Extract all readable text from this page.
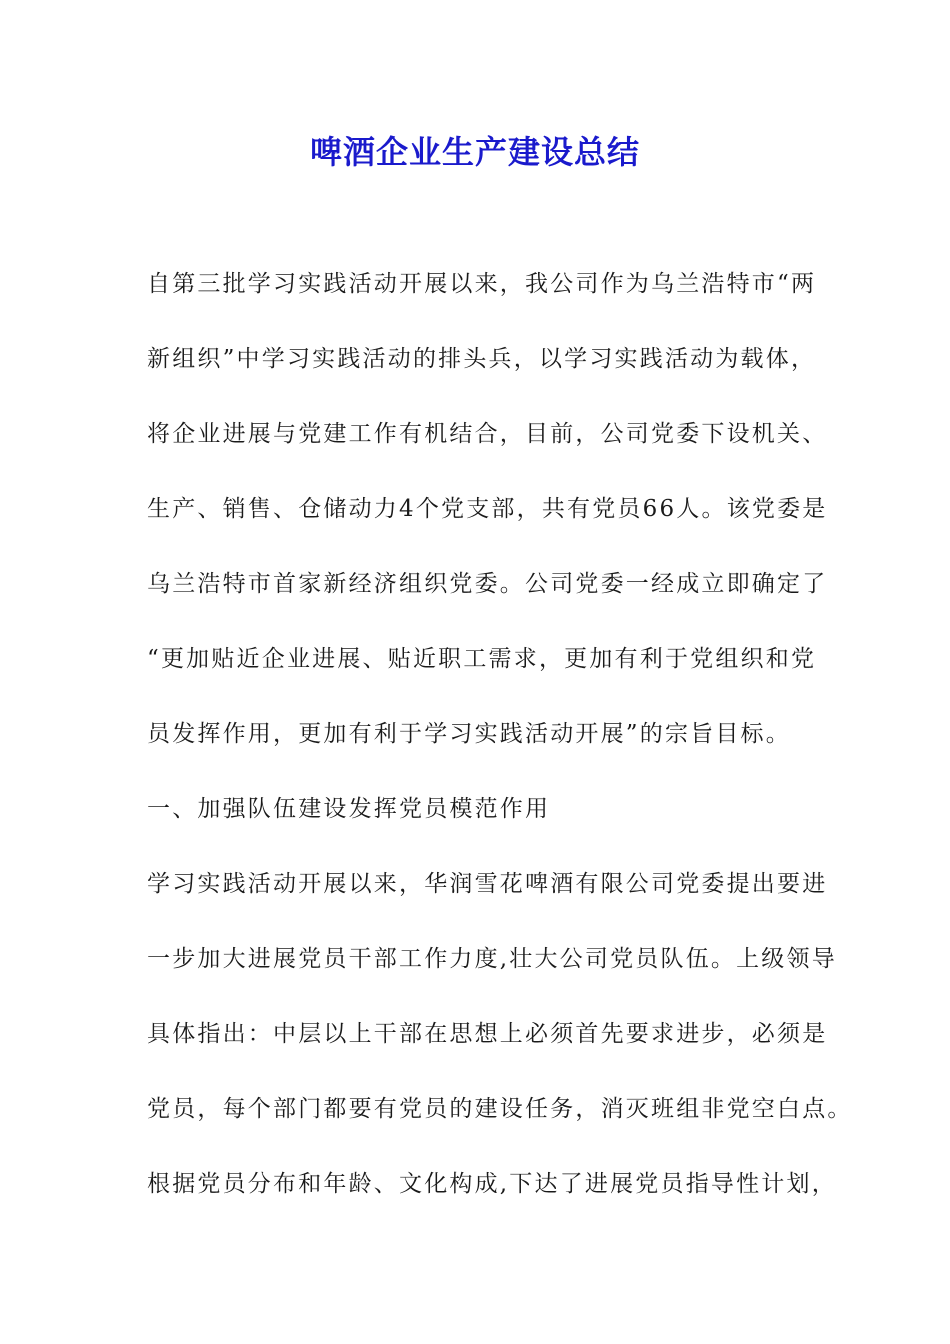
啤酒企业生产建设总结
自第三批学习实践活动开展以来，我公司作为乌兰浩特市“两
新组织”中学习实践活动的排头兵，以学习实践活动为载体，
将企业进展与党建工作有机结合，目前，公司党委下设机关、
生产、销售、仓储动力4个党支部，共有党员66人。该党委是
乌兰浩特市首家新经济组织党委。公司党委一经成立即确定了
“更加贴近企业进展、贴近职工需求，更加有利于党组织和党
员发挥作用，更加有利于学习实践活动开展”的宗旨目标。
一、加强队伍建设发挥党员模范作用
学习实践活动开展以来，华润雪花啤酒有限公司党委提出要进
一步加大进展党员干部工作力度,壮大公司党员队伍。上级领导
具体指出：中层以上干部在思想上必须首先要求进步，必须是
党员，每个部门都要有党员的建设任务，消灭班组非党空白点。
根据党员分布和年龄、文化构成,下达了进展党员指导性计划，
